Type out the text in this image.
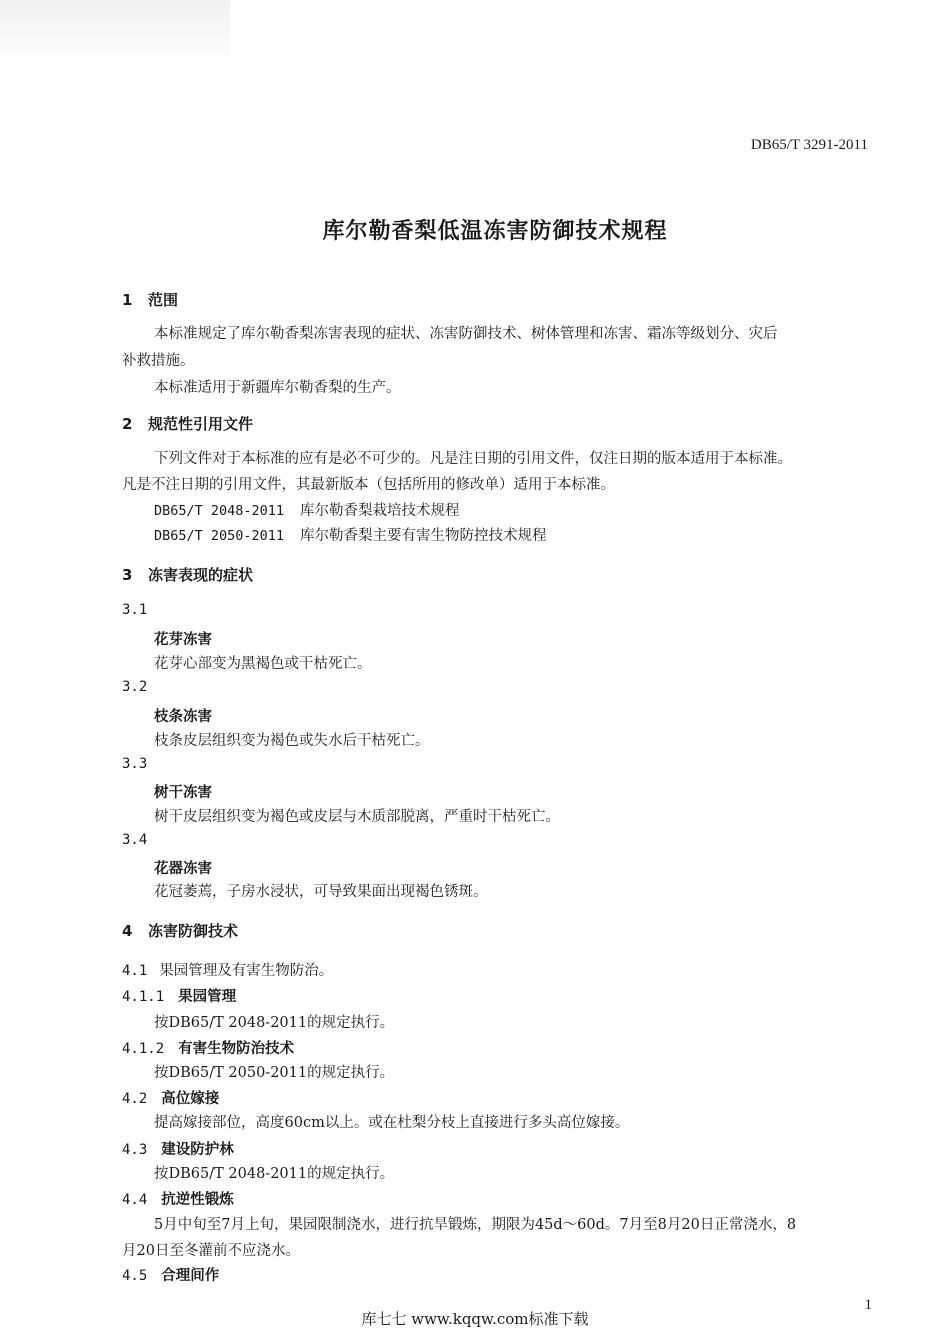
DB65/T 3291-2011
库尔勒香梨低温冻害防御技术规程
1 范围
本标准规定了库尔勒香梨冻害表现的症状、冻害防御技术、树体管理和冻害、霜冻等级划分、灾后
补救措施。
本标准适用于新疆库尔勒香梨的生产。
2 规范性引用文件
下列文件对于本标准的应有是必不可少的。凡是注日期的引用文件，仅注日期的版本适用于本标准。
凡是不注日期的引用文件，其最新版本（包括所用的修改单）适用于本标准。
DB65/T 2048-2011 库尔勒香梨栽培技术规程
DB65/T 2050-2011 库尔勒香梨主要有害生物防控技术规程
3 冻害表现的症状
3.1
花芽冻害
花芽心部变为黑褐色或干枯死亡。
3.2
枝条冻害
枝条皮层组织变为褐色或失水后干枯死亡。
3.3
树干冻害
树干皮层组织变为褐色或皮层与木质部脱离，严重时干枯死亡。
3.4
花器冻害
花冠萎蔫，子房水浸状，可导致果面出现褐色锈斑。
4 冻害防御技术
4.1 果园管理及有害生物防治。
4.1.1 果园管理
按DB65/T 2048-2011的规定执行。
4.1.2 有害生物防治技术
按DB65/T 2050-2011的规定执行。
4.2 高位嫁接
提高嫁接部位，高度60cm以上。或在杜梨分枝上直接进行多头高位嫁接。
4.3 建设防护林
按DB65/T 2048-2011的规定执行。
4.4 抗逆性锻炼
5月中旬至7月上旬，果园限制浇水，进行抗旱锻炼，期限为45d～60d。7月至8月20日正常浇水，8
月20日至冬灌前不应浇水。
4.5 合理间作
1
库七七 www.kqqw.com标准下载
